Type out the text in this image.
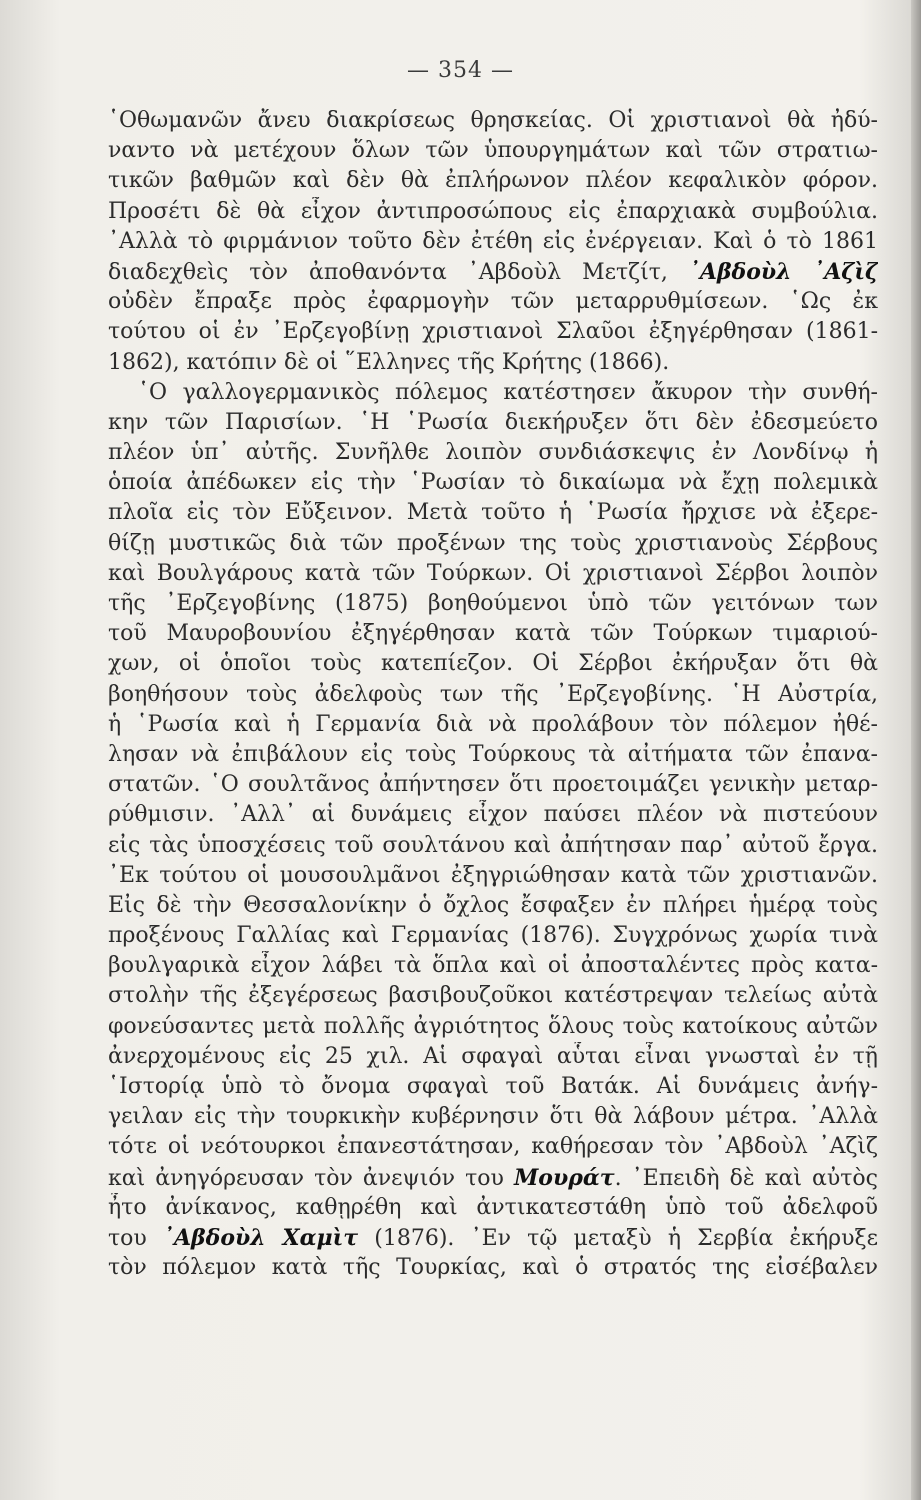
— 354 —
῾Οθωμανῶν ἄνευ διακρίσεως θρησκείας. Οἱ χριστιανοὶ θὰ ἠδύ-
ναντο νὰ μετέχουν ὅλων τῶν ὑπουργημάτων καὶ τῶν στρατιω-
τικῶν βαθμῶν καὶ δὲν θὰ ἐπλήρωνον πλέον κεφαλικὸν φόρον.
Προσέτι δὲ θὰ εἶχον ἀντιπροσώπους εἰς ἐπαρχιακὰ συμβούλια.
᾿Αλλὰ τὸ φιρμάνιον τοῦτο δὲν ἐτέθη εἰς ἐνέργειαν. Καὶ ὁ τὸ 1861
διαδεχθεὶς τὸν ἀποθανόντα ᾿Αβδοὺλ Μετζίτ, ᾿Αβδοὺλ ᾿Αζὶζ
οὐδὲν ἔπραξε πρὸς ἐφαρμογὴν τῶν μεταρρυθμίσεων. ῾Ως ἐκ
τούτου οἱ ἐν ᾿Ερζεγοβίνῃ χριστιανοὶ Σλαῦοι ἐξηγέρθησαν (1861-
1862), κατόπιν δὲ οἱ ῞Ελληνες τῆς Κρήτης (1866).
῾Ο γαλλογερμανικὸς πόλεμος κατέστησεν ἄκυρον τὴν συνθή-
κην τῶν Παρισίων. ῾Η ῾Ρωσία διεκήρυξεν ὅτι δὲν ἐδεσμεύετο
πλέον ὑπ᾿ αὐτῆς. Συνῆλθε λοιπὸν συνδιάσκεψις ἐν Λονδίνῳ ἡ
ὁποία ἀπέδωκεν εἰς τὴν ῾Ρωσίαν τὸ δικαίωμα νὰ ἔχῃ πολεμικὰ
πλοῖα εἰς τὸν Εὔξεινον. Μετὰ τοῦτο ἡ ῾Ρωσία ἤρχισε νὰ ἐξερε-
θίζῃ μυστικῶς διὰ τῶν προξένων της τοὺς χριστιανοὺς Σέρβους
καὶ Βουλγάρους κατὰ τῶν Τούρκων. Οἱ χριστιανοὶ Σέρβοι λοιπὸν
τῆς ᾿Ερζεγοβίνης (1875) βοηθούμενοι ὑπὸ τῶν γειτόνων των
τοῦ Μαυροβουνίου ἐξηγέρθησαν κατὰ τῶν Τούρκων τιμαριού-
χων, οἱ ὁποῖοι τοὺς κατεπίεζον. Οἱ Σέρβοι ἐκήρυξαν ὅτι θὰ
βοηθήσουν τοὺς ἀδελφοὺς των τῆς ᾿Ερζεγοβίνης. ῾Η Αὐστρία,
ἡ ῾Ρωσία καὶ ἡ Γερμανία διὰ νὰ προλάβουν τὸν πόλεμον ἠθέ-
λησαν νὰ ἐπιβάλουν εἰς τοὺς Τούρκους τὰ αἰτήματα τῶν ἐπανα-
στατῶν. ῾Ο σουλτᾶνος ἀπήντησεν ὅτι προετοιμάζει γενικὴν μεταρ-
ρύθμισιν. ᾿Αλλ᾿ αἱ δυνάμεις εἶχον παύσει πλέον νὰ πιστεύουν
εἰς τὰς ὑποσχέσεις τοῦ σουλτάνου καὶ ἀπήτησαν παρ᾿ αὐτοῦ ἔργα.
᾿Εκ τούτου οἱ μουσουλμᾶνοι ἐξηγριώθησαν κατὰ τῶν χριστιανῶν.
Εἰς δὲ τὴν Θεσσαλονίκην ὁ ὄχλος ἔσφαξεν ἐν πλήρει ἡμέρᾳ τοὺς
προξένους Γαλλίας καὶ Γερμανίας (1876). Συγχρόνως χωρία τινὰ
βουλγαρικὰ εἶχον λάβει τὰ ὅπλα καὶ οἱ ἀποσταλέντες πρὸς κατα-
στολὴν τῆς ἐξεγέρσεως βασιβουζοῦκοι κατέστρεψαν τελείως αὐτὰ
φονεύσαντες μετὰ πολλῆς ἀγριότητος ὅλους τοὺς κατοίκους αὐτῶν
ἀνερχομένους εἰς 25 χιλ. Αἱ σφαγαὶ αὗται εἶναι γνωσταὶ ἐν τῇ
῾Ιστορίᾳ ὑπὸ τὸ ὄνομα σφαγαὶ τοῦ Βατάκ. Αἱ δυνάμεις ἀνήγ-
γειλαν εἰς τὴν τουρκικὴν κυβέρνησιν ὅτι θὰ λάβουν μέτρα. ᾿Αλλὰ
τότε οἱ νεότουρκοι ἐπανεστάτησαν, καθήρεσαν τὸν ᾿Αβδοὺλ ᾿Αζὶζ
καὶ ἀνηγόρευσαν τὸν ἀνεψιόν του Μουράτ. ᾿Επειδὴ δὲ καὶ αὐτὸς
ἦτο ἀνίκανος, καθῃρέθη καὶ ἀντικατεστάθη ὑπὸ τοῦ ἀδελφοῦ
του ᾿Αβδοὺλ Χαμὶτ (1876). ᾿Εν τῷ μεταξὺ ἡ Σερβία ἐκήρυξε
τὸν πόλεμον κατὰ τῆς Τουρκίας, καὶ ὁ στρατός της εἰσέβαλεν
